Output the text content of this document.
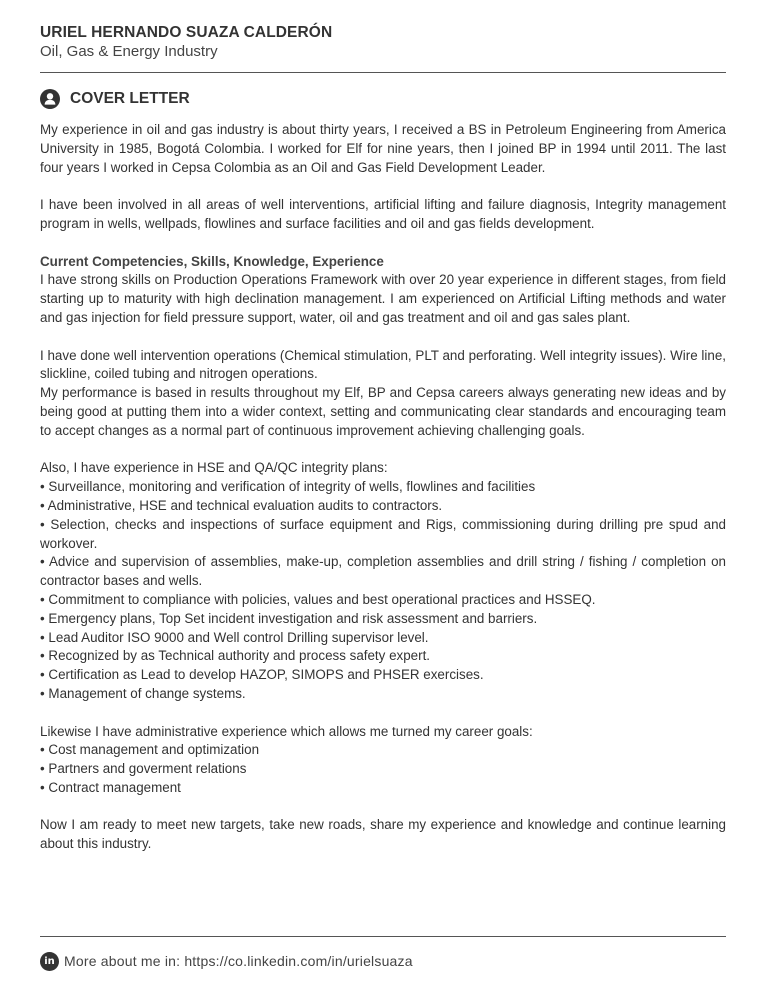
URIEL HERNANDO SUAZA CALDERÓN
Oil, Gas & Energy Industry
COVER LETTER

My experience in oil and gas industry is about thirty years, I received a BS in Petroleum Engineering from America University in 1985, Bogotá Colombia. I worked for Elf for nine years, then I joined BP in 1994 until 2011. The last four years I worked in Cepsa Colombia as an Oil and Gas Field Development Leader.

I have been involved in all areas of well interventions, artificial lifting and failure diagnosis, Integrity management program in wells, wellpads, flowlines and surface facilities and oil and gas fields development.

Current Competencies, Skills, Knowledge, Experience

I have strong skills on Production Operations Framework with over 20 year experience in different stages, from field starting up to maturity with high declination management. I am experienced on Artificial Lifting methods and water and gas injection for field pressure support, water, oil and gas treatment and oil and gas sales plant.

I have done well intervention operations (Chemical stimulation, PLT and perforating. Well integrity issues). Wire line, slickline, coiled tubing and nitrogen operations.

My performance is based in results throughout my Elf, BP and Cepsa careers always generating new ideas and by being good at putting them into a wider context, setting and communicating clear standards and encouraging team to accept changes as a normal part of continuous improvement achieving challenging goals.

Also, I have experience in HSE and QA/QC integrity plans:

• Surveillance, monitoring and verification of integrity of wells, flowlines and facilities

• Administrative, HSE and technical evaluation audits to contractors.

• Selection, checks and inspections of surface equipment and Rigs, commissioning during drilling pre spud and workover.

• Advice and supervision of assemblies, make-up, completion assemblies and drill string / fishing / completion on contractor bases and wells.

• Commitment to compliance with policies, values and best operational practices and HSSEQ.

• Emergency plans, Top Set incident investigation and risk assessment and barriers.

• Lead Auditor ISO 9000 and Well control Drilling supervisor level.

• Recognized by as Technical authority and process safety expert.

• Certification as Lead to develop HAZOP, SIMOPS and PHSER exercises.

• Management of change systems.

Likewise I have administrative experience which allows me turned my career goals:

• Cost management and optimization

• Partners and goverment relations

• Contract management

Now I am ready to meet new targets, take new roads, share my experience and knowledge and continue learning about this industry.

in More about me in: https://co.linkedin.com/in/urielsuaza
